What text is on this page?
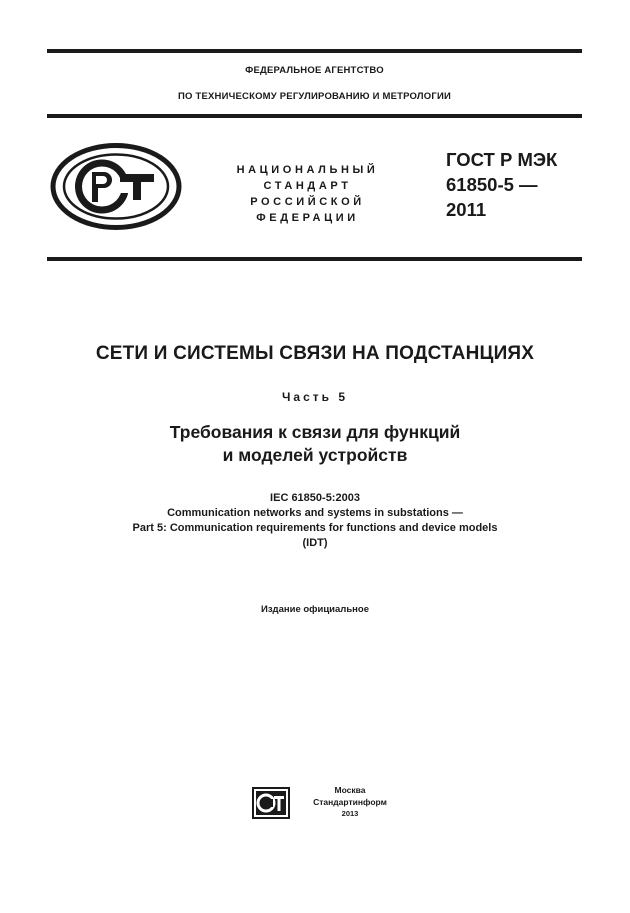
ФЕДЕРАЛЬНОЕ АГЕНТСТВО
ПО ТЕХНИЧЕСКОМУ РЕГУЛИРОВАНИЮ И МЕТРОЛОГИИ
НАЦИОНАЛЬНЫЙ
СТАНДАРТ
РОССИЙСКОЙ
ФЕДЕРАЦИИ
ГОСТ Р МЭК
61850-5 —
2011
СЕТИ И СИСТЕМЫ СВЯЗИ НА ПОДСТАНЦИЯХ
Часть 5
Требования к связи для функций
и моделей устройств
IEC 61850-5:2003
Communication networks and systems in substations —
Part 5: Communication requirements for functions and device models
(IDT)
Издание официальное
Москва
Стандартинформ
2013
